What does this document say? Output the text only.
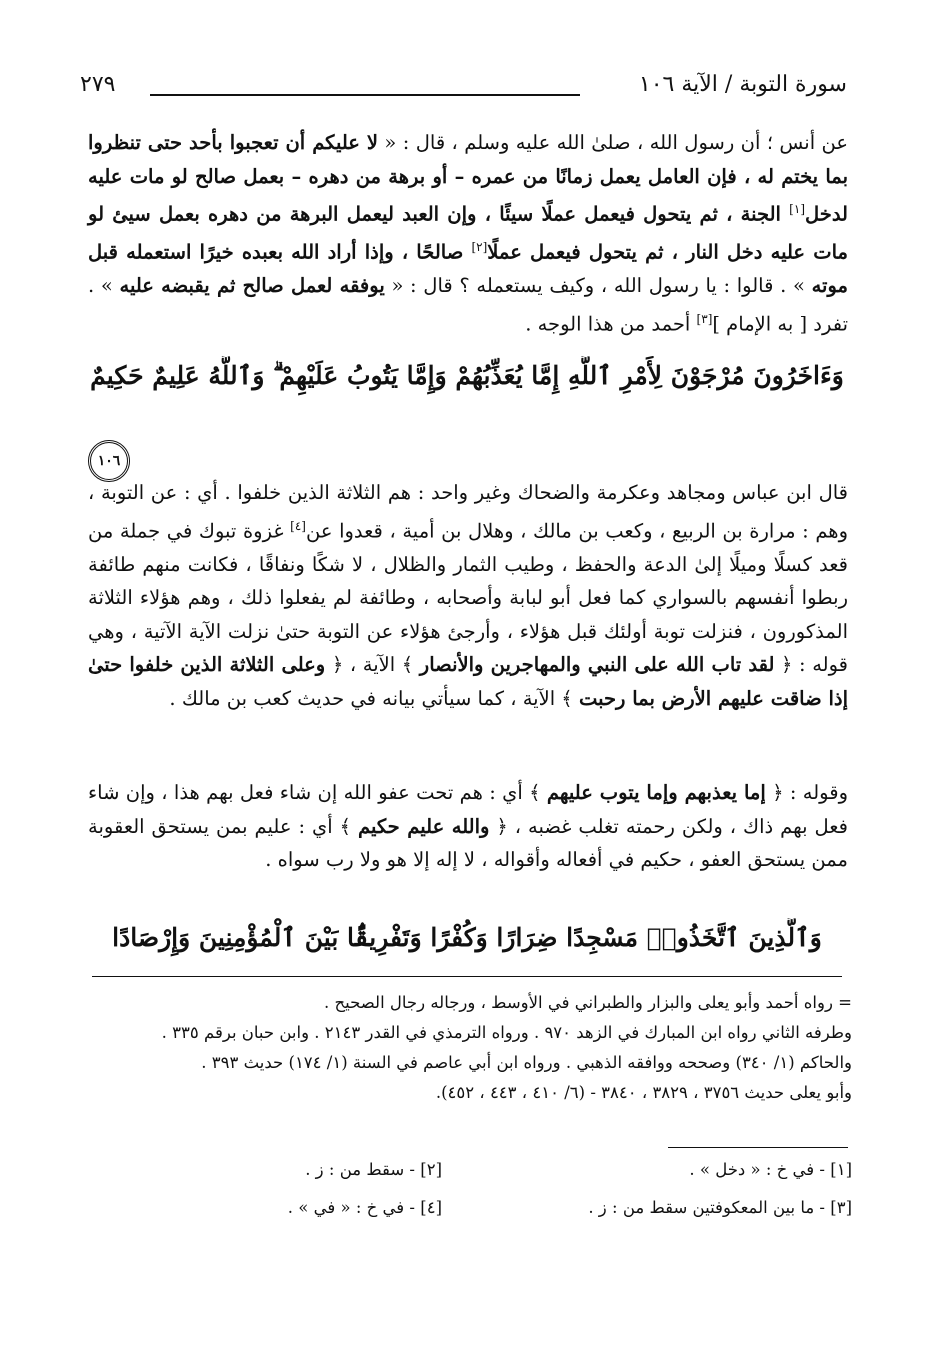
سورة التوبة / الآية ١٠٦
٢٧٩
عن أنس ؛ أن رسول الله ، صلىٰ الله عليه وسلم ، قال : « لا عليكم أن تعجبوا بأحد حتى تنظروا بما يختم له ، فإن العامل يعمل زمانًا من عمره – أو برهة من دهره – بعمل صالح لو مات عليه لدخل[١] الجنة ، ثم يتحول فيعمل عملًا سيئًا ، وإن العبد ليعمل البرهة من دهره بعمل سيئ لو مات عليه دخل النار ، ثم يتحول فيعمل عملًا[٢] صالحًا ، وإذا أراد الله بعبده خيرًا استعمله قبل موته » . قالوا : يا رسول الله ، وكيف يستعمله ؟ قال : « يوفقه لعمل صالح ثم يقبضه عليه » . تفرد [ به الإمام ][٣] أحمد من هذا الوجه .
وَءَاخَرُونَ مُرْجَوْنَ لِأَمْرِ ٱللَّهِ إِمَّا يُعَذِّبُهُمْ وَإِمَّا يَتُوبُ عَلَيْهِمْ ۗ وَٱللَّهُ عَلِيمٌ حَكِيمٌ
١٠٦
قال ابن عباس ومجاهد وعكرمة والضحاك وغير واحد : هم الثلاثة الذين خلفوا . أي : عن التوبة ، وهم : مرارة بن الربيع ، وكعب بن مالك ، وهلال بن أمية ، قعدوا عن[٤] غزوة تبوك في جملة من قعد كسلًا وميلًا إلىٰ الدعة والحفظ ، وطيب الثمار والظلال ، لا شكًا ونفاقًا ، فكانت منهم طائفة ربطوا أنفسهم بالسواري كما فعل أبو لبابة وأصحابه ، وطائفة لم يفعلوا ذلك ، وهم هؤلاء الثلاثة المذكورون ، فنزلت توبة أولئك قبل هؤلاء ، وأرجئ هؤلاء عن التوبة حتىٰ نزلت الآية الآتية ، وهي قوله : ﴿ لقد تاب الله على النبي والمهاجرين والأنصار ﴾ الآية ، ﴿ وعلى الثلاثة الذين خلفوا حتىٰ إذا ضاقت عليهم الأرض بما رحبت ﴾ الآية ، كما سيأتي بيانه في حديث كعب بن مالك .
وقوله : ﴿ إما يعذبهم وإما يتوب عليهم ﴾ أي : هم تحت عفو الله إن شاء فعل بهم هذا ، وإن شاء فعل بهم ذاك ، ولكن رحمته تغلب غضبه ، ﴿ والله عليم حكيم ﴾ أي : عليم بمن يستحق العقوبة ممن يستحق العفو ، حكيم في أفعاله وأقواله ، لا إله إلا هو ولا رب سواه .
وَٱلَّذِينَ ٱتَّخَذُوا۟ مَسْجِدًا ضِرَارًا وَكُفْرًا وَتَفْرِيقًۢا بَيْنَ ٱلْمُؤْمِنِينَ وَإِرْصَادًا
= رواه أحمد وأبو يعلى والبزار والطبراني في الأوسط ، ورجاله رجال الصحيح .
وطرفه الثاني رواه ابن المبارك في الزهد ٩٧٠ . ورواه الترمذي في القدر ٢١٤٣ . وابن حبان برقم ٣٣٥ .
والحاكم (١/ ٣٤٠) وصححه ووافقه الذهبي . ورواه ابن أبي عاصم في السنة (١/ ١٧٤) حديث ٣٩٣ .
وأبو يعلى حديث ٣٧٥٦ ، ٣٨٢٩ ، ٣٨٤٠ - (٦/ ٤١٠ ، ٤٤٣ ، ٤٥٢).
[١] - في خ : « دخل » .
[٢] - سقط من : ز .
[٣] - ما بين المعكوفتين سقط من : ز .
[٤] - في خ : « في » .
